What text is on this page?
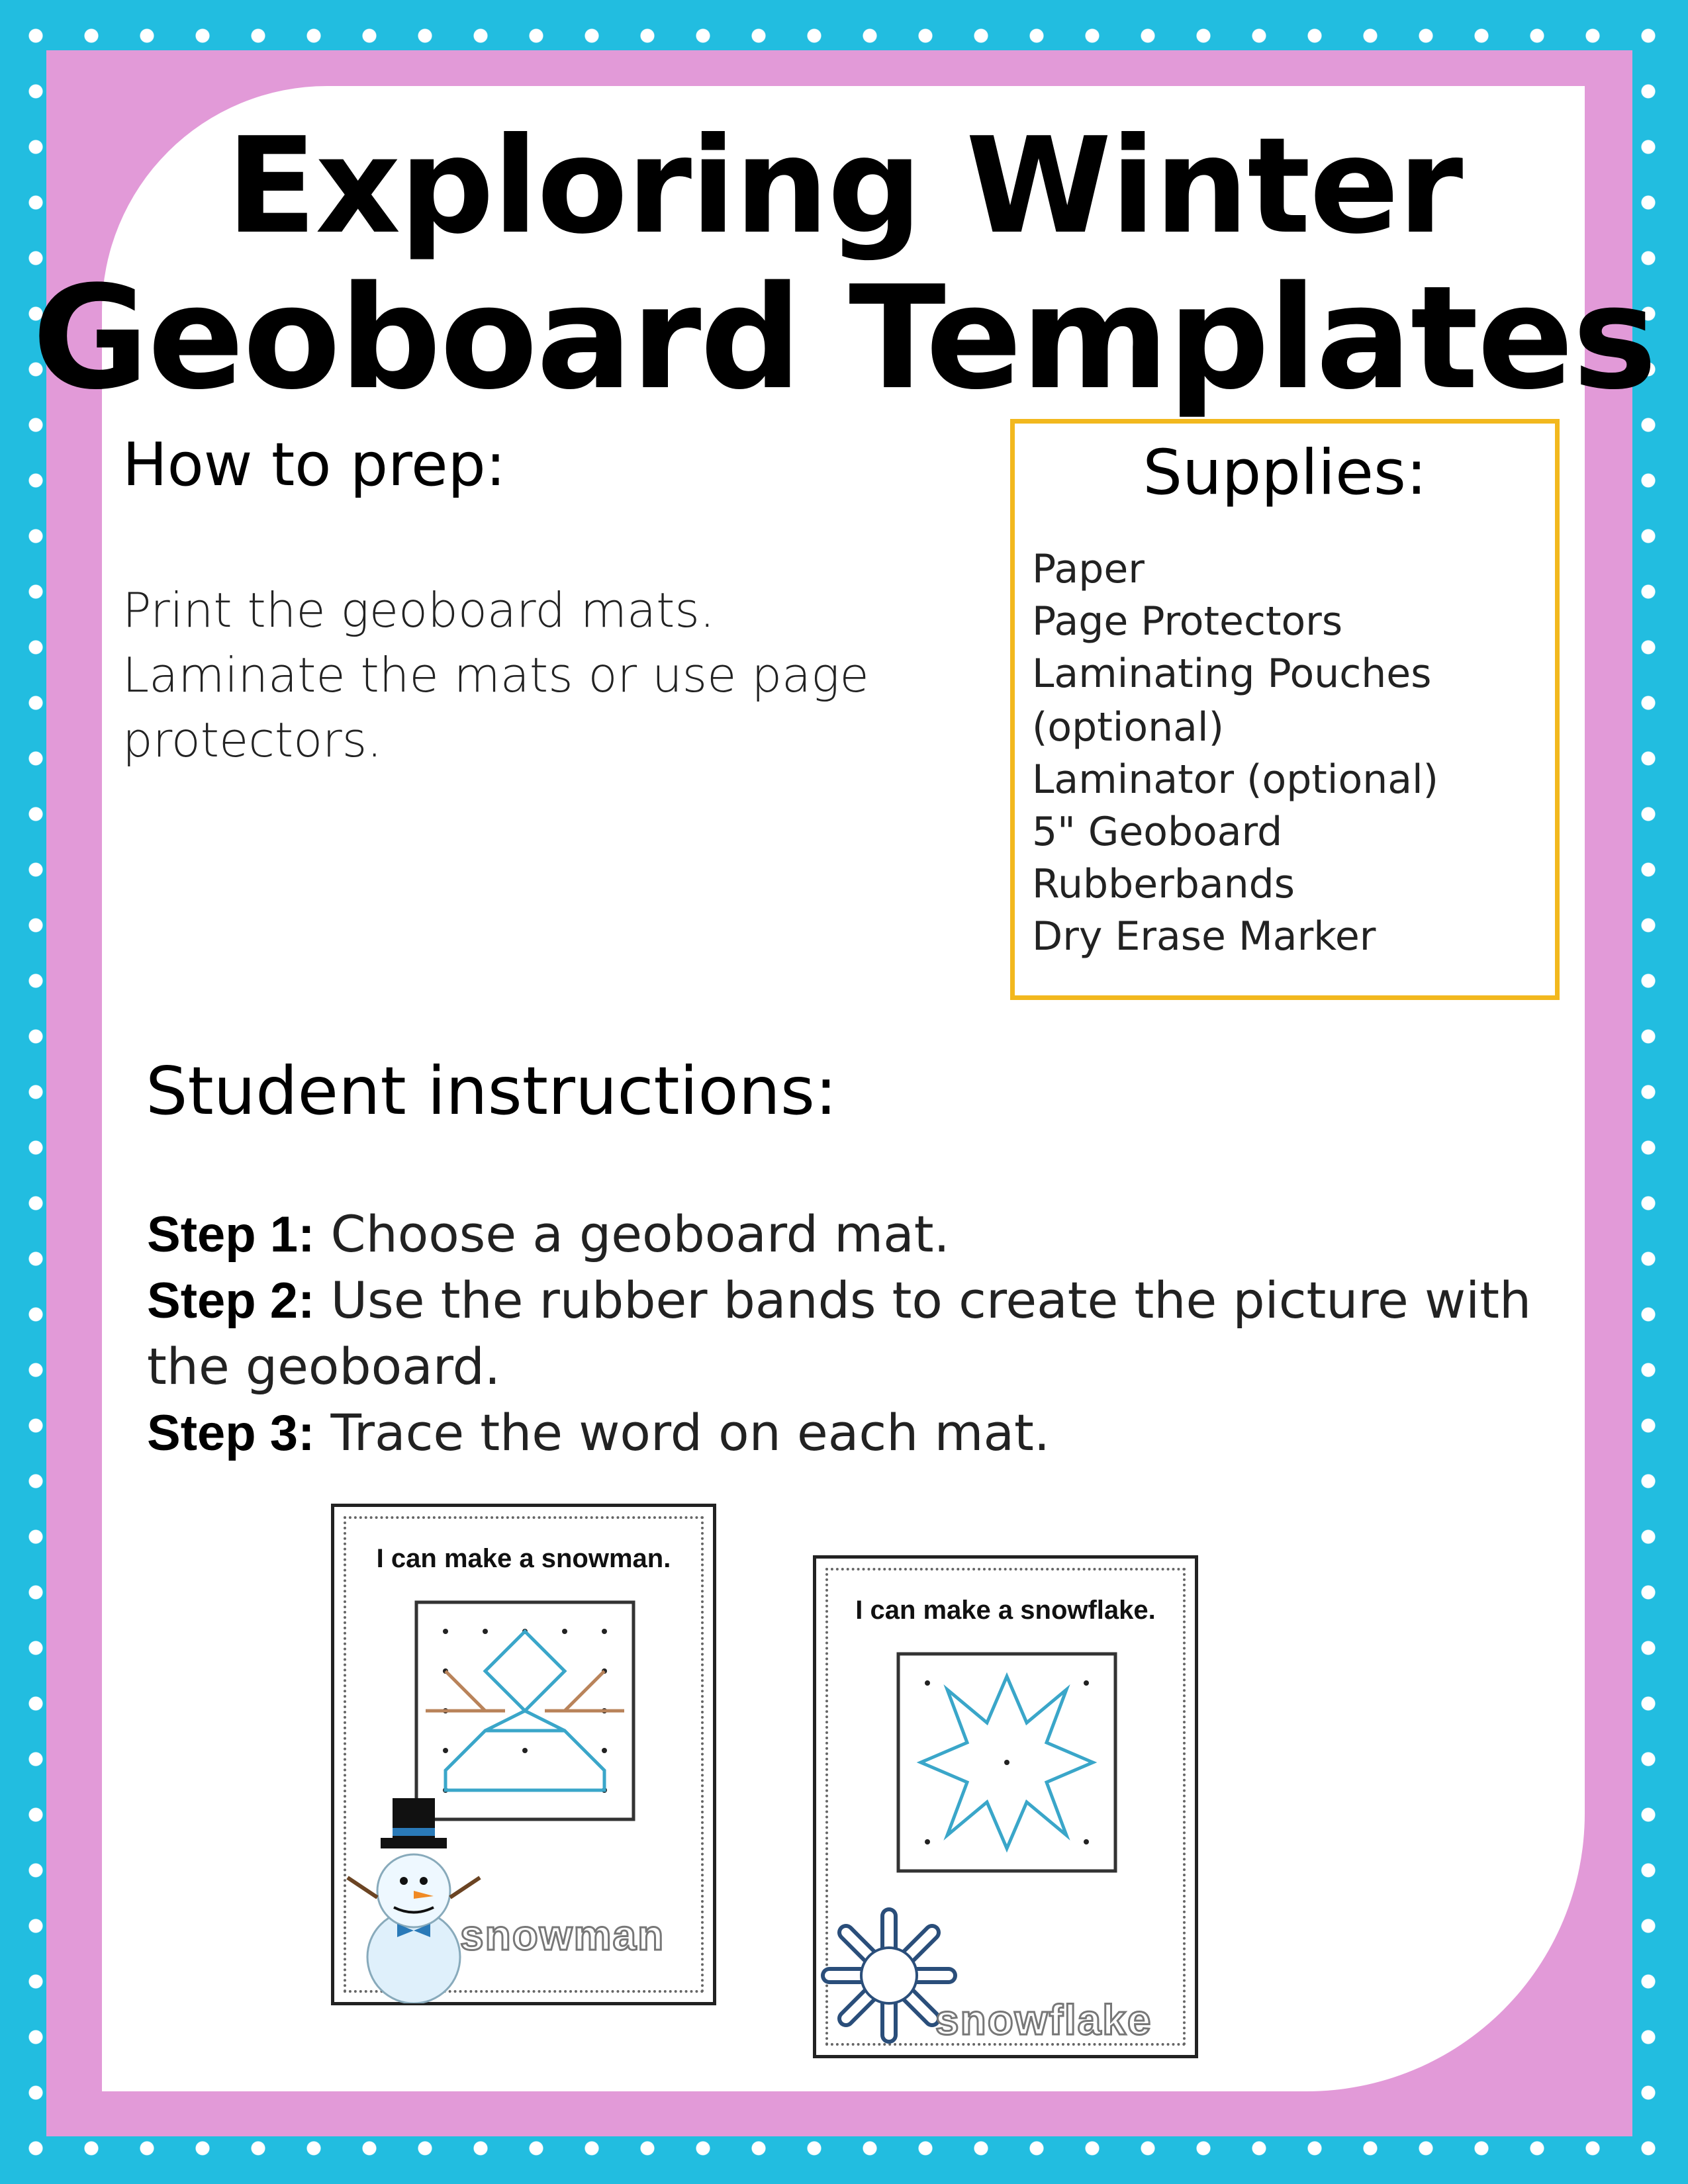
Exploring Winter
Geoboard Templates
How to prep:
Print the geoboard mats.
Laminate the mats or use page
protectors.
Supplies:
Paper
Page Protectors
Laminating Pouches
(optional)
Laminator (optional)
5" Geoboard
Rubberbands
Dry Erase Marker
Student instructions:
Step 1: Choose a geoboard mat.
Step 2: Use the rubber bands to create the picture with
the geoboard.
Step 3: Trace the word on each mat.
I can make a snowman.
snowman
I can make a snowflake.
snowflake
